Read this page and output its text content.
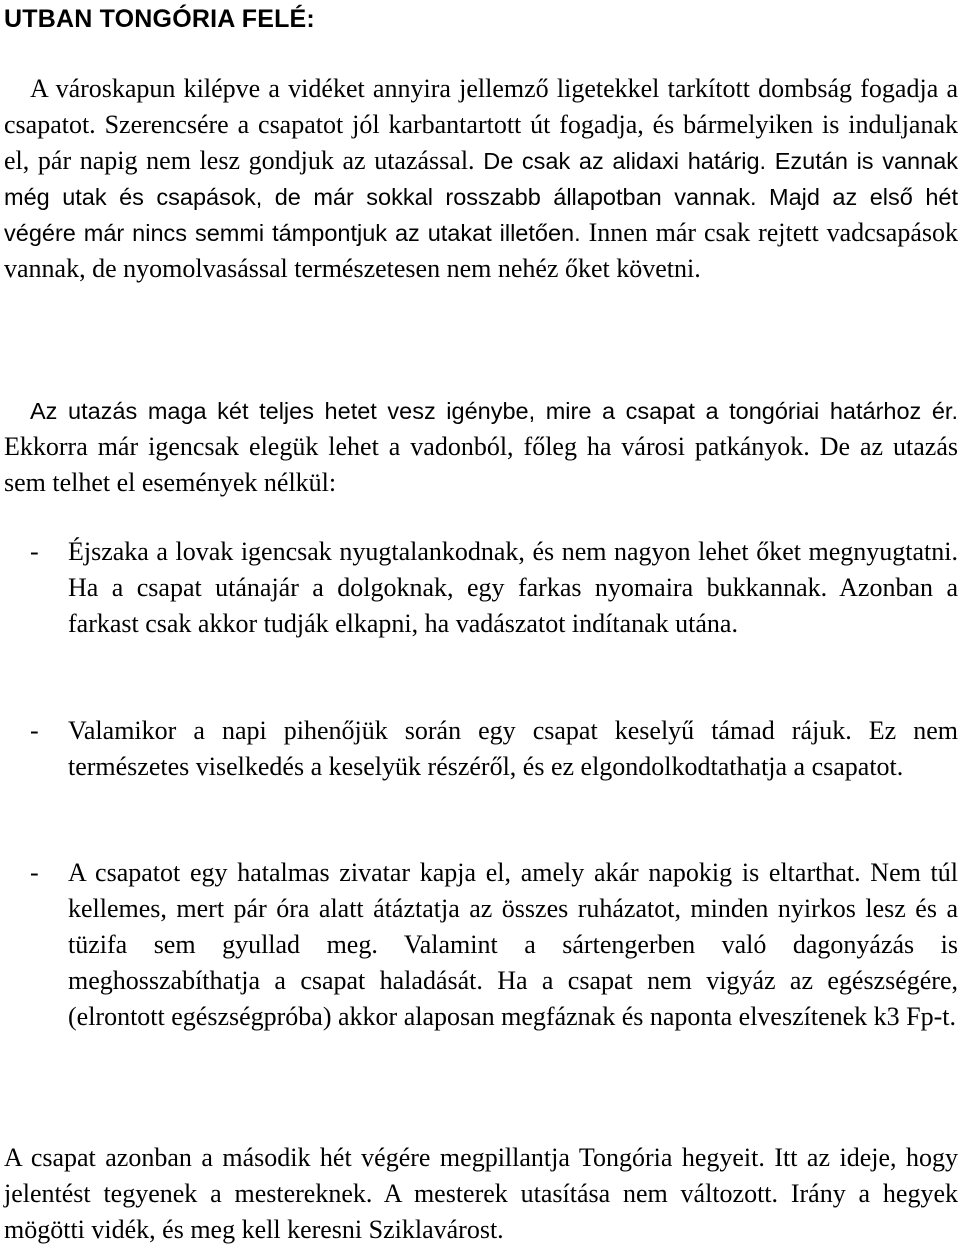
UTBAN TONGÓRIA FELÉ:

A városkapun kilépve a vidéket annyira jellemző ligetekkel tarkított dombság fogadja a csapatot. Szerencsére a csapatot jól karbantartott út fogadja, és bármelyiken is induljanak el, pár napig nem lesz gondjuk az utazással. De csak az alidaxi határig. Ezután is vannak még utak és csapások, de már sokkal rosszabb állapotban vannak. Majd az első hét végére már nincs semmi támpontjuk az utakat illetően. Innen már csak rejtett vadcsapások vannak, de nyomolvasással természetesen nem nehéz őket követni.

Az utazás maga két teljes hetet vesz igénybe, mire a csapat a tongóriai határhoz ér. Ekkorra már igencsak elegük lehet a vadonból, főleg ha városi patkányok. De az utazás sem telhet el események nélkül:

- Éjszaka a lovak igencsak nyugtalankodnak, és nem nagyon lehet őket megnyugtatni. Ha a csapat utánajár a dolgoknak, egy farkas nyomaira bukkannak. Azonban a farkast csak akkor tudják elkapni, ha vadászatot indítanak utána.

- Valamikor a napi pihenőjük során egy csapat keselyű támad rájuk. Ez nem természetes viselkedés a keselyük részéről, és ez elgondolkodtathatja a csapatot.

- A csapatot egy hatalmas zivatar kapja el, amely akár napokig is eltarthat. Nem túl kellemes, mert pár óra alatt átáztatja az összes ruházatot, minden nyirkos lesz és a tüzifa sem gyullad meg. Valamint a sártengerben való dagonyázás is meghosszabíthatja a csapat haladását. Ha a csapat nem vigyáz az egészségére, (elrontott egészségpróba) akkor alaposan megfáznak és naponta elveszítenek k3 Fp-t.

A csapat azonban a második hét végére megpillantja Tongória hegyeit. Itt az ideje, hogy jelentést tegyenek a mestereknek. A mesterek utasítása nem változott. Irány a hegyek mögötti vidék, és meg kell keresni Sziklavárost.
